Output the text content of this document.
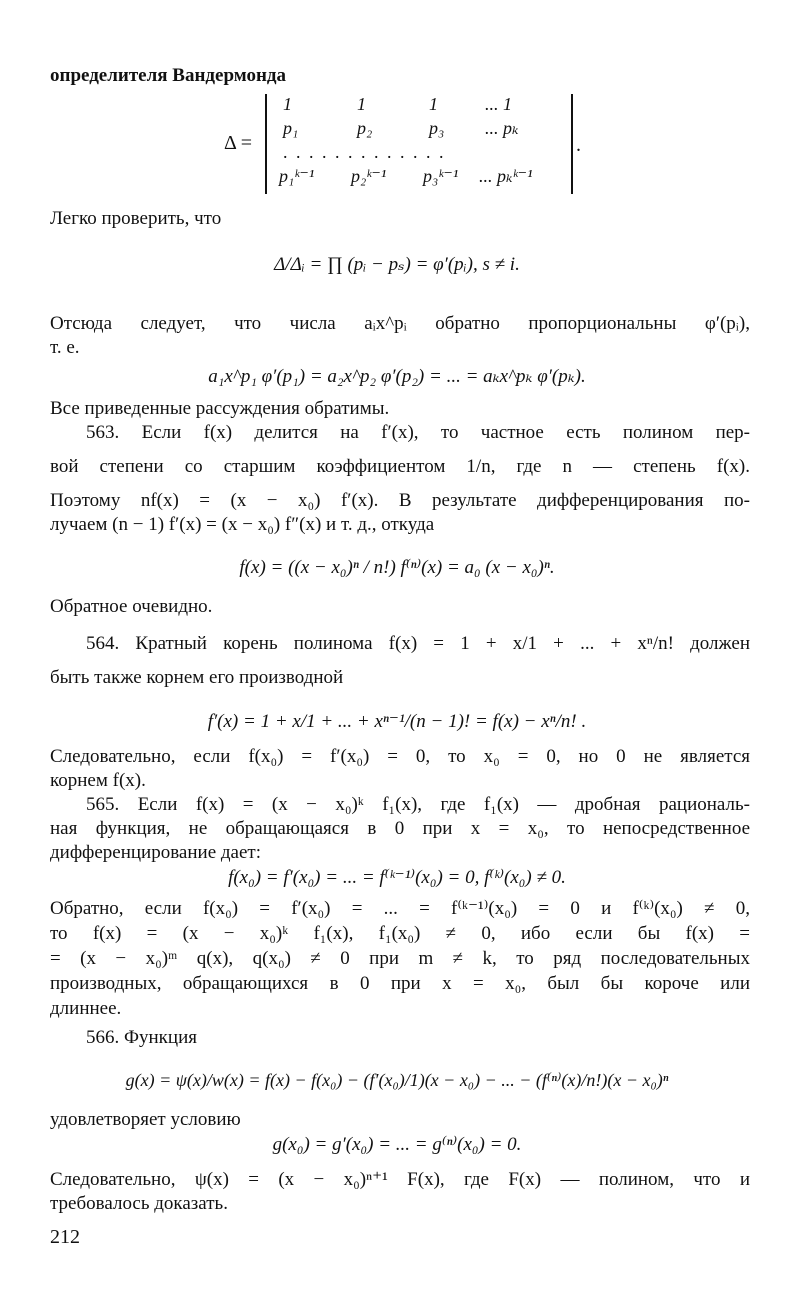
определителя Вандермонда
Δ =
1	1	1	... 1
p₁	p₂	p₃ ... pₖ
. . . . . . . . . . . . .
p₁ᵏ⁻¹ p₂ᵏ⁻¹ p₃ᵏ⁻¹ ... pₖᵏ⁻¹
.
Легко проверить, что
Δ/Δᵢ = ∏ (pᵢ − pₛ) = φ′(pᵢ), s ≠ i.
Отсюда следует, что числа aᵢx^pᵢ обратно пропорциональны φ′(pᵢ),
т. е.
a₁x^p₁ φ′(p₁) = a₂x^p₂ φ′(p₂) = ... = aₖx^pₖ φ′(pₖ).
Все приведенные рассуждения обратимы.
563. Если f(x) делится на f′(x), то частное есть полином пер-
вой степени со старшим коэффициентом 1/n, где n — степень f(x).
Поэтому nf(x) = (x − x₀) f′(x). В результате дифференцирования по-
лучаем (n − 1) f′(x) = (x − x₀) f″(x) и т. д., откуда
f(x) = ((x − x₀)ⁿ / n!) f⁽ⁿ⁾(x) = a₀ (x − x₀)ⁿ.
Обратное очевидно.
564. Кратный корень полинома f(x) = 1 + x/1 + ... + xⁿ/n! должен
быть также корнем его производной
f′(x) = 1 + x/1 + ... + xⁿ⁻¹/(n − 1)! = f(x) − xⁿ/n! .
Следовательно, если f(x₀) = f′(x₀) = 0, то x₀ = 0, но 0 не является
корнем f(x).
565. Если f(x) = (x − x₀)ᵏ f₁(x), где f₁(x) — дробная рациональ-
ная функция, не обращающаяся в 0 при x = x₀, то непосредственное
дифференцирование дает:
f(x₀) = f′(x₀) = ... = f⁽ᵏ⁻¹⁾(x₀) = 0, f⁽ᵏ⁾(x₀) ≠ 0.
Обратно, если f(x₀) = f′(x₀) = ... = f⁽ᵏ⁻¹⁾(x₀) = 0 и f⁽ᵏ⁾(x₀) ≠ 0,
то f(x) = (x − x₀)ᵏ f₁(x), f₁(x₀) ≠ 0, ибо если бы f(x) =
= (x − x₀)ᵐ q(x), q(x₀) ≠ 0 при m ≠ k, то ряд последовательных
производных, обращающихся в 0 при x = x₀, был бы короче или
длиннее.
566. Функция
g(x) = ψ(x)/w(x) = f(x) − f(x₀) − (f′(x₀)/1)(x − x₀) − ... − (f⁽ⁿ⁾(x)/n!)(x − x₀)ⁿ
удовлетворяет условию
g(x₀) = g′(x₀) = ... = g⁽ⁿ⁾(x₀) = 0.
Следовательно, ψ(x) = (x − x₀)ⁿ⁺¹ F(x), где F(x) — полином, что и
требовалось доказать.
212
